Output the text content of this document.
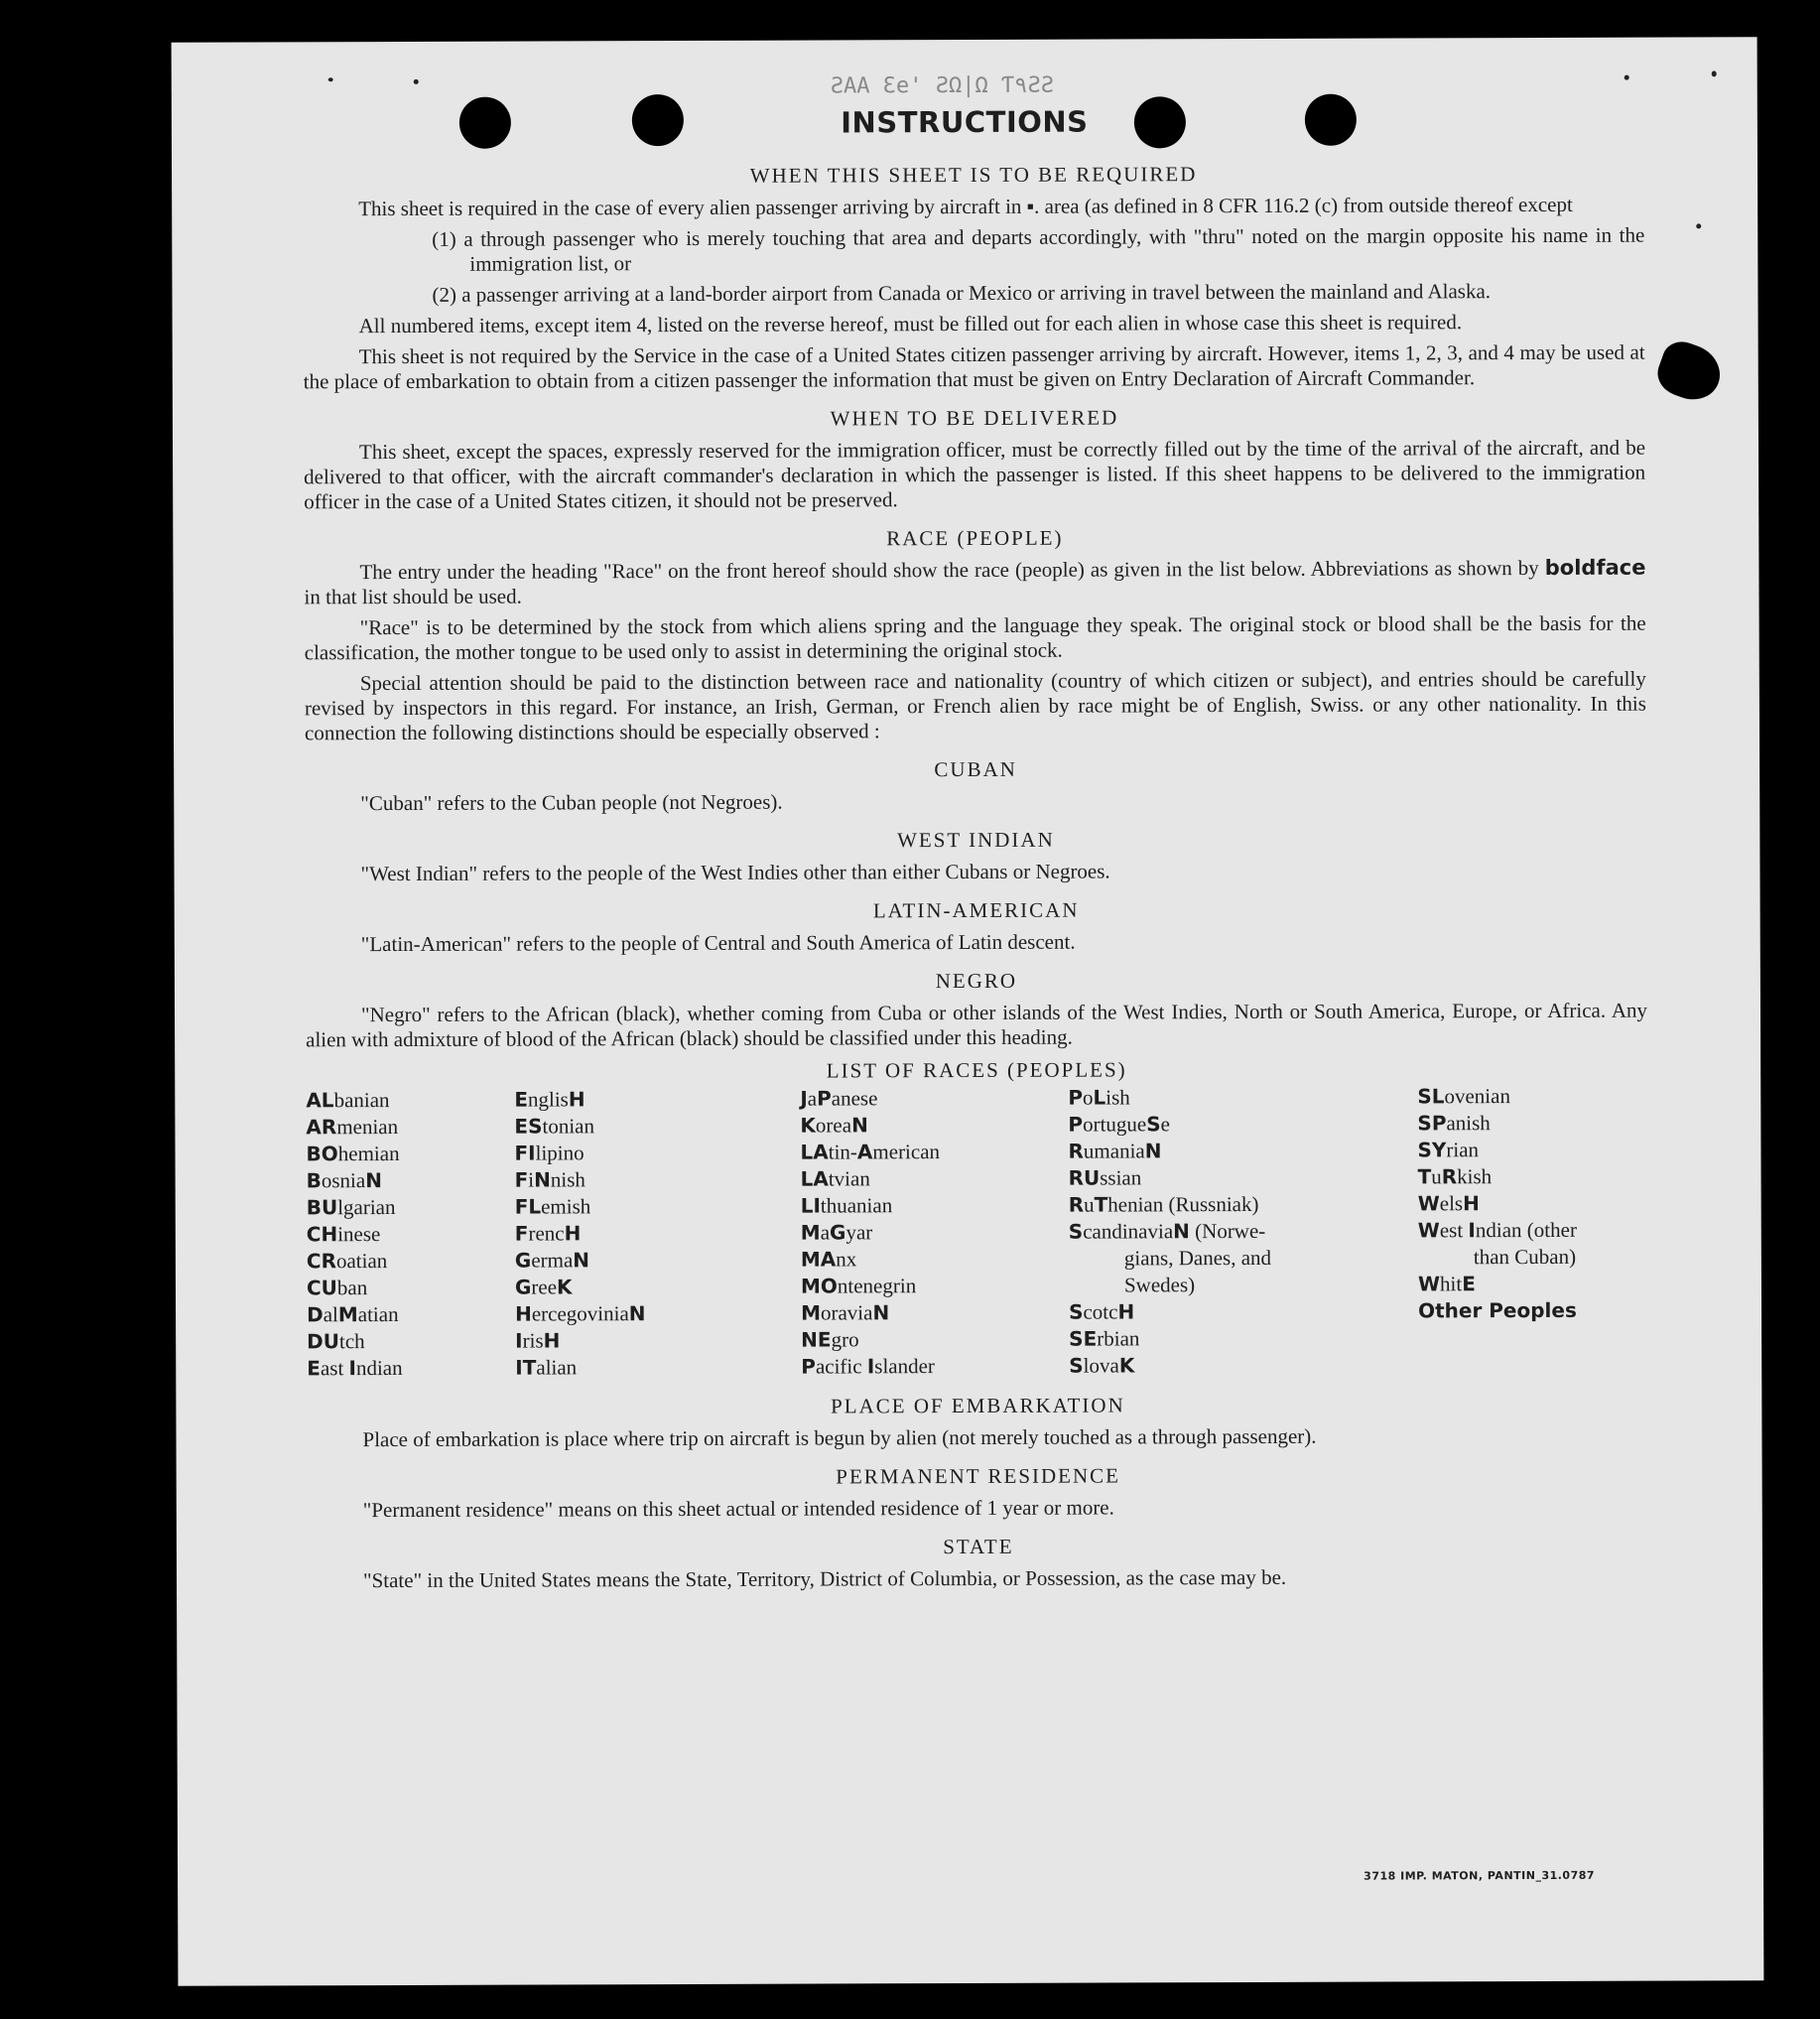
ƧAA Ɛe' ƧΩ|Ω Ƭ۹ƧƧ
INSTRUCTIONS
WHEN THIS SHEET IS TO BE REQUIRED

This sheet is required in the case of every alien passenger arriving by aircraft in ▪. area (as defined in 8 CFR 116.2 (c) from outside thereof except

(1) a through passenger who is merely touching that area and departs accordingly, with "thru" noted on the margin opposite his name in the immigration list, or

(2) a passenger arriving at a land-border airport from Canada or Mexico or arriving in travel between the mainland and Alaska.

All numbered items, except item 4, listed on the reverse hereof, must be filled out for each alien in whose case this sheet is required.

This sheet is not required by the Service in the case of a United States citizen passenger arriving by aircraft. However, items 1, 2, 3, and 4 may be used at the place of embarkation to obtain from a citizen passenger the information that must be given on Entry Declaration of Aircraft Commander.

WHEN TO BE DELIVERED

This sheet, except the spaces, expressly reserved for the immigration officer, must be correctly filled out by the time of the arrival of the aircraft, and be delivered to that officer, with the aircraft commander's declaration in which the passenger is listed. If this sheet happens to be delivered to the immigration officer in the case of a United States citizen, it should not be preserved.

RACE (PEOPLE)

The entry under the heading "Race" on the front hereof should show the race (people) as given in the list below. Abbreviations as shown by boldface in that list should be used.

"Race" is to be determined by the stock from which aliens spring and the language they speak. The original stock or blood shall be the basis for the classification, the mother tongue to be used only to assist in determining the original stock.

Special attention should be paid to the distinction between race and nationality (country of which citizen or subject), and entries should be carefully revised by inspectors in this regard. For instance, an Irish, German, or French alien by race might be of English, Swiss. or any other nationality. In this connection the following distinctions should be especially observed :

CUBAN

"Cuban" refers to the Cuban people (not Negroes).

WEST INDIAN

"West Indian" refers to the people of the West Indies other than either Cubans or Negroes.

LATIN-AMERICAN

"Latin-American" refers to the people of Central and South America of Latin descent.

NEGRO

"Negro" refers to the African (black), whether coming from Cuba or other islands of the West Indies, North or South America, Europe, or Africa. Any alien with admixture of blood of the African (black) should be classified under this heading.

LIST OF RACES (PEOPLES)
ALbanian
ARmenian
BOhemian
BosniaN
BUlgarian
CHinese
CRoatian
CUban
DalMatian
DUtch
East Indian
EnglisH
EStonian
FIlipino
FiNnish
FLemish
FrencH
GermaN
GreeK
HercegoviniaN
IrisH
ITalian
JaPanese
KoreaN
LAtin-American
LAtvian
LIthuanian
MaGyar
MAnx
MOntenegrin
MoraviaN
NEgro
Pacific Islander
PoLish
PortugueSe
RumaniaN
RUssian
RuThenian (Russniak)
ScandinaviaN (Norwe-
gians, Danes, and
Swedes)
ScotcH
SErbian
SlovaK
SLovenian
SPanish
SYrian
TuRkish
WelsH
West Indian (other
than Cuban)
WhitE
Other Peoples
PLACE OF EMBARKATION

Place of embarkation is place where trip on aircraft is begun by alien (not merely touched as a through passenger).

PERMANENT RESIDENCE

"Permanent residence" means on this sheet actual or intended residence of 1 year or more.

STATE

"State" in the United States means the State, Territory, District of Columbia, or Possession, as the case may be.

3718 IMP. MATON, PANTIN_31.0787
